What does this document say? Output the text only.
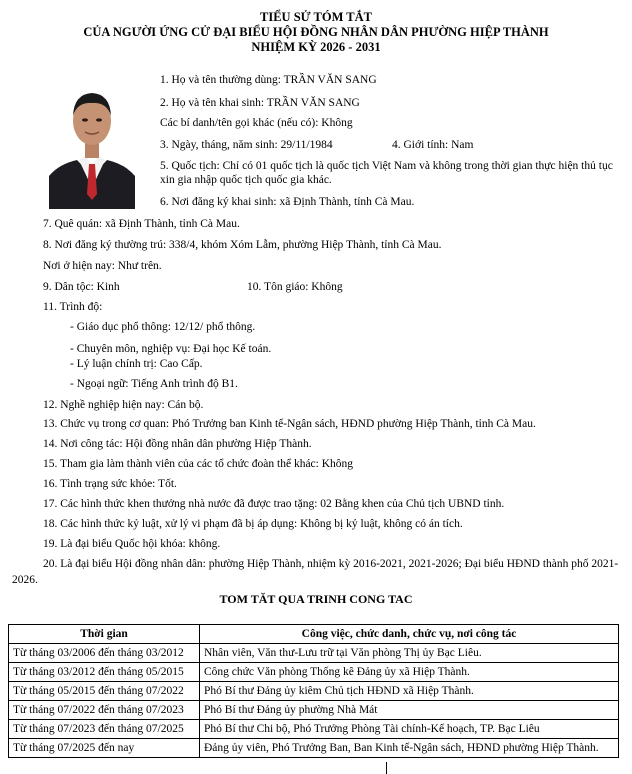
TIỂU SỬ TÓM TẮT
CỦA NGƯỜI ỨNG CỬ ĐẠI BIỂU HỘI ĐỒNG NHÂN DÂN PHƯỜNG HIỆP THÀNH
NHIỆM KỲ 2026 - 2031
1. Họ và tên thường dùng: TRẦN VĂN SANG
2. Họ và tên khai sinh: TRẦN VĂN SANG
Các bí danh/tên gọi khác (nếu có): Không
3. Ngày, tháng, năm sinh: 29/11/1984	4. Giới tính: Nam
5. Quốc tịch: Chỉ có 01 quốc tịch là quốc tịch Việt Nam và không trong thời gian thực hiện thủ tục xin gia nhập quốc tịch quốc gia khác.
6. Nơi đăng ký khai sinh: xã Định Thành, tỉnh Cà Mau.
7. Quê quán: xã Định Thành, tỉnh Cà Mau.
8. Nơi đăng ký thường trú: 338/4, khóm Xóm Lẫm, phường Hiệp Thành, tỉnh Cà Mau.
Nơi ở hiện nay: Như trên.
9. Dân tộc: Kinh	10. Tôn giáo: Không
11. Trình độ:
- Giáo dục phổ thông: 12/12/ phổ thông.
- Chuyên môn, nghiệp vụ: Đại học Kế toán.
- Lý luận chính trị: Cao Cấp.
- Ngoại ngữ: Tiếng Anh trình độ B1.
12. Nghề nghiệp hiện nay: Cán bộ.
13. Chức vụ trong cơ quan: Phó Trưởng ban Kinh tế-Ngân sách, HĐND phường Hiệp Thành, tỉnh Cà Mau.
14. Nơi công tác: Hội đồng nhân dân phường Hiệp Thành.
15. Tham gia làm thành viên của các tổ chức đoàn thể khác: Không
16. Tình trạng sức khỏe: Tốt.
17. Các hình thức khen thưởng nhà nước đã được trao tặng: 02 Bằng khen của Chủ tịch UBND tỉnh.
18. Các hình thức kỷ luật, xử lý vi phạm đã bị áp dụng: Không bị kỷ luật, không có án tích.
19. Là đại biểu Quốc hội khóa: không.
20. Là đại biểu Hội đồng nhân dân: phường Hiệp Thành, nhiệm kỳ 2016-2021, 2021-2026; Đại biểu HĐND thành phố 2021-
2026.
TOM TĂT QUA TRINH CONG TAC
Thời gian	Công việc, chức danh, chức vụ, nơi công tác
Từ tháng 03/2006 đến tháng 03/2012	Nhân viên, Văn thư-Lưu trữ tại Văn phòng Thị ủy Bạc Liêu.
Từ tháng 03/2012 đến tháng 05/2015	Công chức Văn phòng Thống kê Đảng ủy xã Hiệp Thành.
Từ tháng 05/2015 đến tháng 07/2022	Phó Bí thư Đảng ủy kiêm Chủ tịch HĐND xã Hiệp Thành.
Từ tháng 07/2022 đến tháng 07/2023	Phó Bí thư Đảng ủy phường Nhà Mát
Từ tháng 07/2023 đến tháng 07/2025	Phó Bí thư Chi bộ, Phó Trưởng Phòng Tài chính-Kế hoạch, TP. Bạc Liêu
Từ tháng 07/2025 đến nay	Đảng ủy viên, Phó Trưởng Ban, Ban Kinh tế-Ngân sách, HĐND phường Hiệp Thành.
